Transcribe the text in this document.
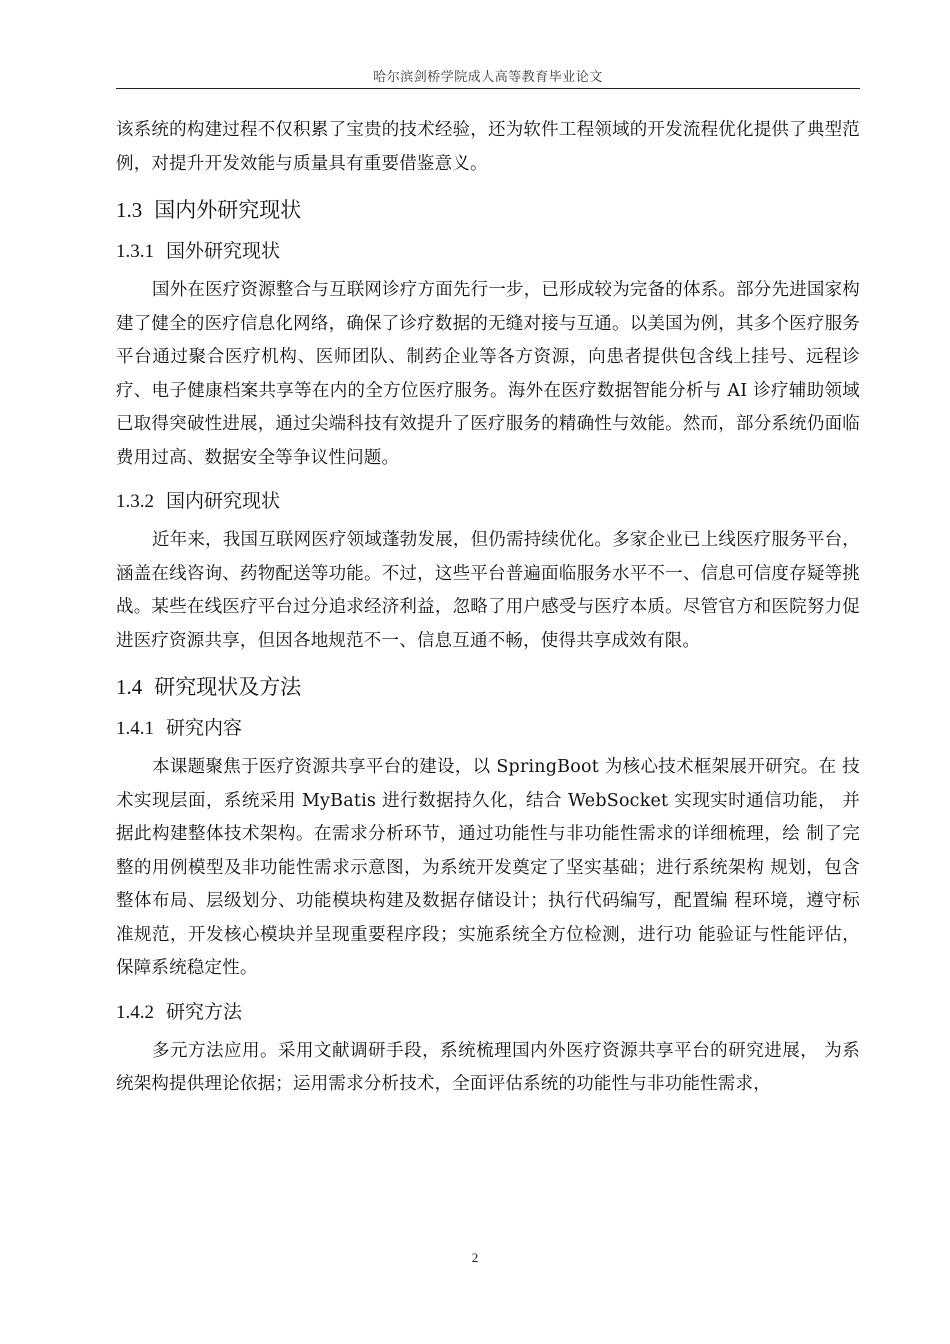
哈尔滨剑桥学院成人高等教育毕业论文

该系统的构建过程不仅积累了宝贵的技术经验，还为软件工程领域的开发流程优化提供了典型范例，对提升开发效能与质量具有重要借鉴意义。

1.3 国内外研究现状
1.3.1 国外研究现状

国外在医疗资源整合与互联网诊疗方面先行一步，已形成较为完备的体系。部分先进国家构建了健全的医疗信息化网络，确保了诊疗数据的无缝对接与互通。以美国为例，其多个医疗服务平台通过聚合医疗机构、医师团队、制药企业等各方资源，向患者提供包含线上挂号、远程诊疗、电子健康档案共享等在内的全方位医疗服务。海外在医疗数据智能分析与 AI 诊疗辅助领域已取得突破性进展，通过尖端科技有效提升了医疗服务的精确性与效能。然而，部分系统仍面临费用过高、数据安全等争议性问题。

1.3.2 国内研究现状

近年来，我国互联网医疗领域蓬勃发展，但仍需持续优化。多家企业已上线医疗服务平台，涵盖在线咨询、药物配送等功能。不过，这些平台普遍面临服务水平不一、信息可信度存疑等挑战。某些在线医疗平台过分追求经济利益，忽略了用户感受与医疗本质。尽管官方和医院努力促进医疗资源共享，但因各地规范不一、信息互通不畅，使得共享成效有限。

1.4 研究现状及方法
1.4.1 研究内容

本课题聚焦于医疗资源共享平台的建设，以 SpringBoot 为核心技术框架展开研究。在 技术实现层面，系统采用 MyBatis 进行数据持久化，结合 WebSocket 实现实时通信功能， 并据此构建整体技术架构。在需求分析环节，通过功能性与非功能性需求的详细梳理，绘 制了完整的用例模型及非功能性需求示意图，为系统开发奠定了坚实基础；进行系统架构 规划，包含整体布局、层级划分、功能模块构建及数据存储设计；执行代码编写，配置编 程环境，遵守标准规范，开发核心模块并呈现重要程序段；实施系统全方位检测，进行功 能验证与性能评估，保障系统稳定性。

1.4.2 研究方法

多元方法应用。采用文献调研手段，系统梳理国内外医疗资源共享平台的研究进展， 为系统架构提供理论依据；运用需求分析技术，全面评估系统的功能性与非功能性需求，

2
